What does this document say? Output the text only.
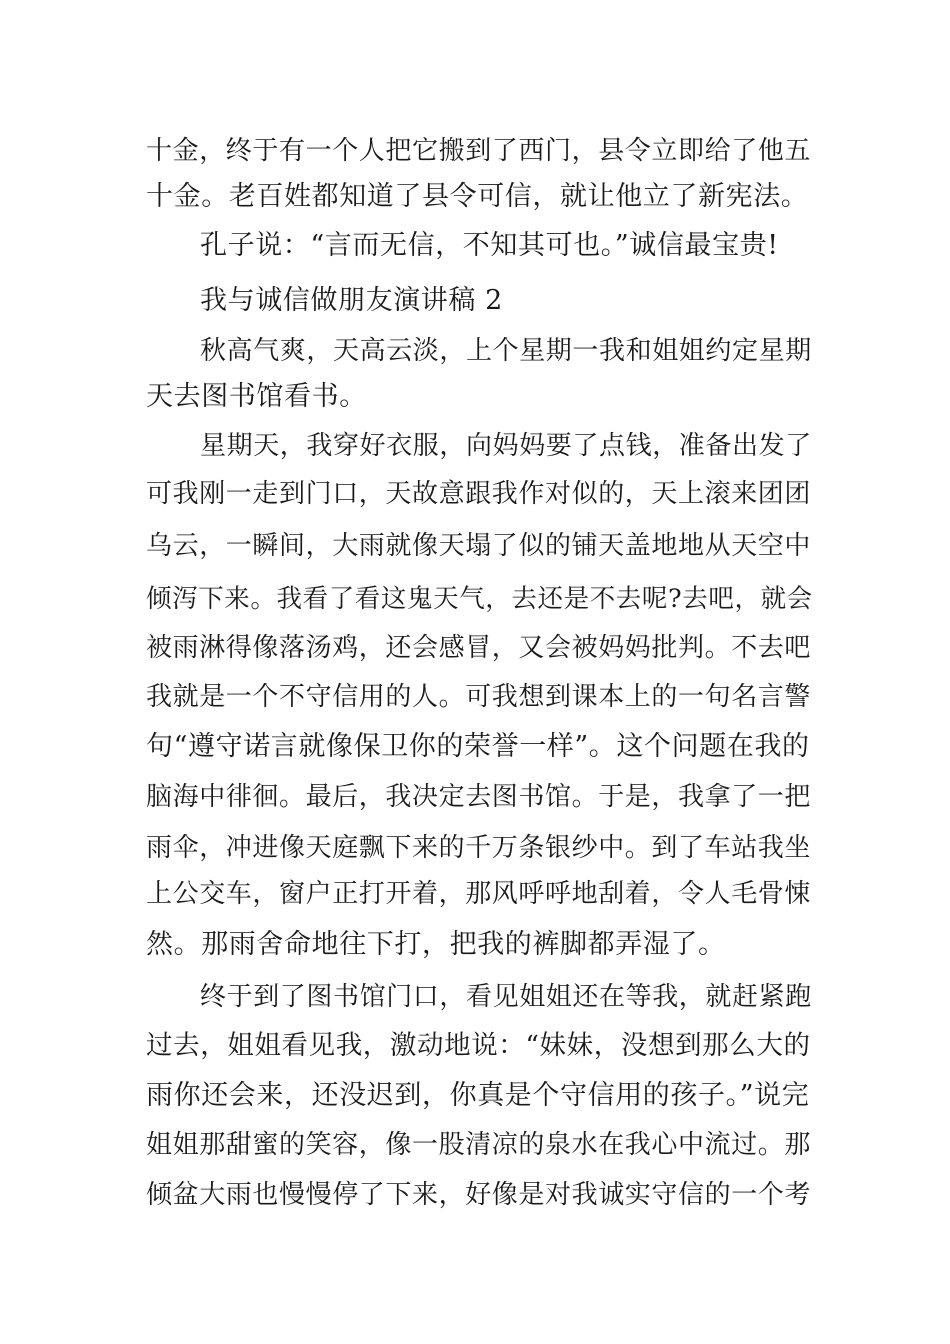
十金，终于有一个人把它搬到了西门，县令立即给了他五
十金。老百姓都知道了县令可信，就让他立了新宪法。
孔子说：“言而无信，不知其可也。”诚信最宝贵!
我与诚信做朋友演讲稿 2
秋高气爽，天高云淡，上个星期一我和姐姐约定星期
天去图书馆看书。
星期天，我穿好衣服，向妈妈要了点钱，准备出发了
可我刚一走到门口，天故意跟我作对似的，天上滚来团团
乌云，一瞬间，大雨就像天塌了似的铺天盖地地从天空中
倾泻下来。我看了看这鬼天气，去还是不去呢?去吧，就会
被雨淋得像落汤鸡，还会感冒，又会被妈妈批判。不去吧
我就是一个不守信用的人。可我想到课本上的一句名言警
句“遵守诺言就像保卫你的荣誉一样”。这个问题在我的
脑海中徘徊。最后，我决定去图书馆。于是，我拿了一把
雨伞，冲进像天庭飘下来的千万条银纱中。到了车站我坐
上公交车，窗户正打开着，那风呼呼地刮着，令人毛骨悚
然。那雨舍命地往下打，把我的裤脚都弄湿了。
终于到了图书馆门口，看见姐姐还在等我，就赶紧跑
过去，姐姐看见我，激动地说：“妹妹，没想到那么大的
雨你还会来，还没迟到，你真是个守信用的孩子。”说完
姐姐那甜蜜的笑容，像一股清凉的泉水在我心中流过。那
倾盆大雨也慢慢停了下来，好像是对我诚实守信的一个考
